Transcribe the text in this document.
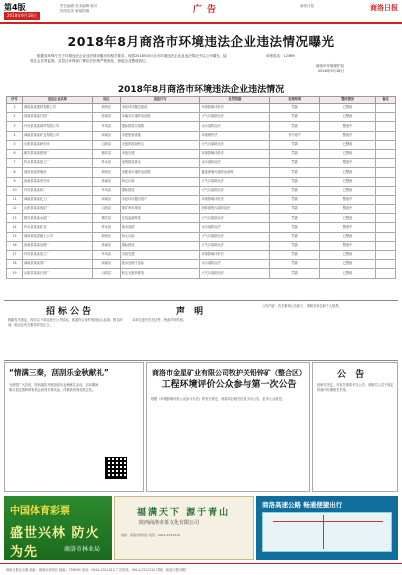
第4版
2018年9月18日
责任编辑 美术编辑 校对
热线电话 新闻投稿	广 告	商洛日报	商洛日报
2018年8月商洛市环境违法企业违法情况曝光
根据省环保厅关于环境违法企业违法情况曝光的相关要求，现将2018年8月全市环境违法企业及违法情况予以公开曝光，接受社会各界监督。各县区环保部门要依法依规严格查处，督促企业整改到位。
举报电话：12369
商洛市环境保护局
2018年9月18日
2018年8月商洛市环境违法企业违法情况
序号	违法企业名称	县区	违法行为	处罚依据	处理结果	整改情况	备注
1	商洛某某建材有限公司	商州区	未经环评擅自建设	环境影响评价法	罚款	已整改	
2	洛南县某某石料厂	洛南县	未落实污染防治设施	大气污染防治法	罚款	已整改	
3	丹凤县某某商贸有限公司	丹凤县	超标排放污染物	水污染防治法	罚款	整改中	
4	商南县某某矿业有限公司	商南县	未建配套设施	环境保护法	责令停产	整改中	
5	山阳县某某砂石场	山阳县	无组织排放粉尘	大气污染防治法	罚款	已整改	
6	镇安县某某建材厂	镇安县	未批先建	环境影响评价法	罚款	已整改	
7	柞水县某某加工厂	柞水县	违规排放废水	水污染防治法	罚款	整改中	
8	商洛某某养殖场	商州区	未配套污染防治设施	畜禽养殖污染防治条例	罚款	已整改	
9	洛南县某某采石场	洛南县	扬尘污染	大气污染防治法	罚款	已整改	
10	丹凤县某某砖厂	丹凤县	超标排放	大气污染防治法	罚款	已整改	
11	商南县某某化工厂	商南县	未经环评擅自投产	环境影响评价法	罚款	整改中	
12	山阳县某某选矿厂	山阳县	尾矿库未规范	固体废物污染防治法	罚款	整改中	
13	镇安县某某水泥厂	镇安县	在线监测异常	大气污染防治法	罚款	已整改	
14	柞水县某某矿业	柞水县	废水直排	水污染防治法	罚款	整改中	
15	商洛某某混凝土公司	商州区	扬尘污染	大气污染防治法	罚款	已整改	
16	洛南县某某冶炼厂	洛南县	超标排放	大气污染防治法	罚款	整改中	
17	丹凤县某某加工厂	丹凤县	未批先建	环境影响评价法	罚款	已整改	
18	商南县某某茶厂	商南县	废水处理不达标	水污染防治法	罚款	已整改	
19	山阳县某某石材厂	山阳县	粉尘无组织排放	大气污染防治法	罚款	已整改	
招标公告
根据有关规定，现对以下项目进行公开招标，欢迎符合条件的投标人参加。报名时间、地点及有关事项详见正文。
声 明
本单位遗失有关证件，特此声明作废。
公告内容：有关事项公告如下，请相关单位和个人知悉。
“情满三秦，刮刮乐金秋献礼”
为回馈广大彩民，陕西福彩开展刮刮乐金秋献礼活动，活动期间购买指定票种即有机会获得丰厚奖品，详情请咨询各投注站。
商洛市金星矿业有限公司牧护关铅锌矿（整合区）
工程环境评价公众参与第一次公告
根据《环境影响评价公众参与办法》的有关规定，现将项目相关信息予以公告，征求公众意见。
公 告
经研究决定，对有关事项予以公告，请相关人员于规定时间内办理相关手续。
中国体育彩票
盛世兴林 防火为先	商洛市林业局
福满天下 源于青山
陕西商洛市茶文化有限公司
地址：商洛市商州区 电话：0914-2312312
商洛高速公路 畅通便捷出行
商洛日报社出版 地址：商洛市商州区 邮编：726000 电话：0914-2312312 广告热线：0914-2312312 印刷：商洛日报印刷厂
